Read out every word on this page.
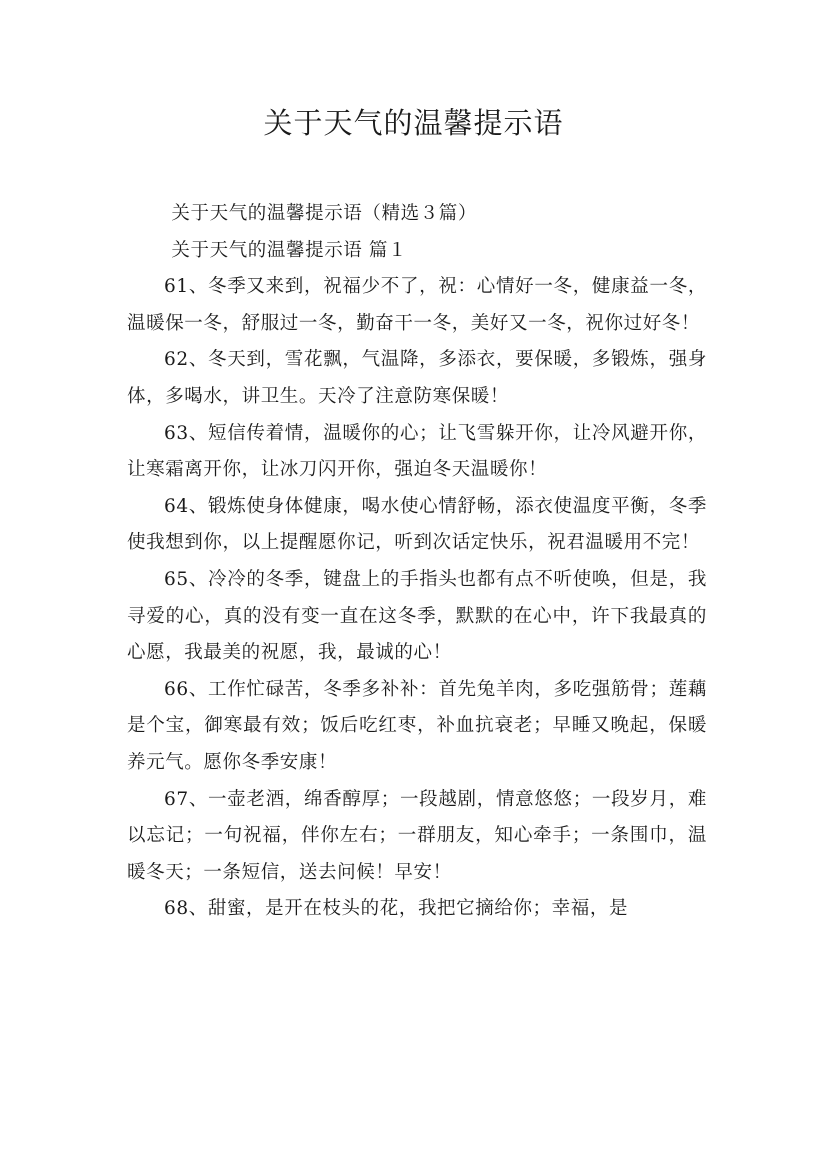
关于天气的温馨提示语

关于天气的温馨提示语（精选３篇）

关于天气的温馨提示语 篇１

61、冬季又来到，祝福少不了，祝：心情好一冬，健康益一冬，温暖保一冬，舒服过一冬，勤奋干一冬，美好又一冬，祝你过好冬！

62、冬天到，雪花飘，气温降，多添衣，要保暖，多锻炼，强身体，多喝水，讲卫生。天冷了注意防寒保暖！

63、短信传着情，温暖你的心；让飞雪躲开你，让冷风避开你，让寒霜离开你，让冰刀闪开你，强迫冬天温暖你！

64、锻炼使身体健康，喝水使心情舒畅，添衣使温度平衡，冬季使我想到你，以上提醒愿你记，听到次话定快乐，祝君温暖用不完！

65、冷冷的冬季，键盘上的手指头也都有点不听使唤，但是，我寻爱的心，真的没有变一直在这冬季，默默的在心中，许下我最真的心愿，我最美的祝愿，我，最诚的心！

66、工作忙碌苦，冬季多补补：首先兔羊肉，多吃强筋骨；莲藕是个宝，御寒最有效；饭后吃红枣，补血抗衰老；早睡又晚起，保暖养元气。愿你冬季安康！

67、一壶老酒，绵香醇厚；一段越剧，情意悠悠；一段岁月，难以忘记；一句祝福，伴你左右；一群朋友，知心牵手；一条围巾，温暖冬天；一条短信，送去问候！早安！

68、甜蜜，是开在枝头的花，我把它摘给你；幸福，是
